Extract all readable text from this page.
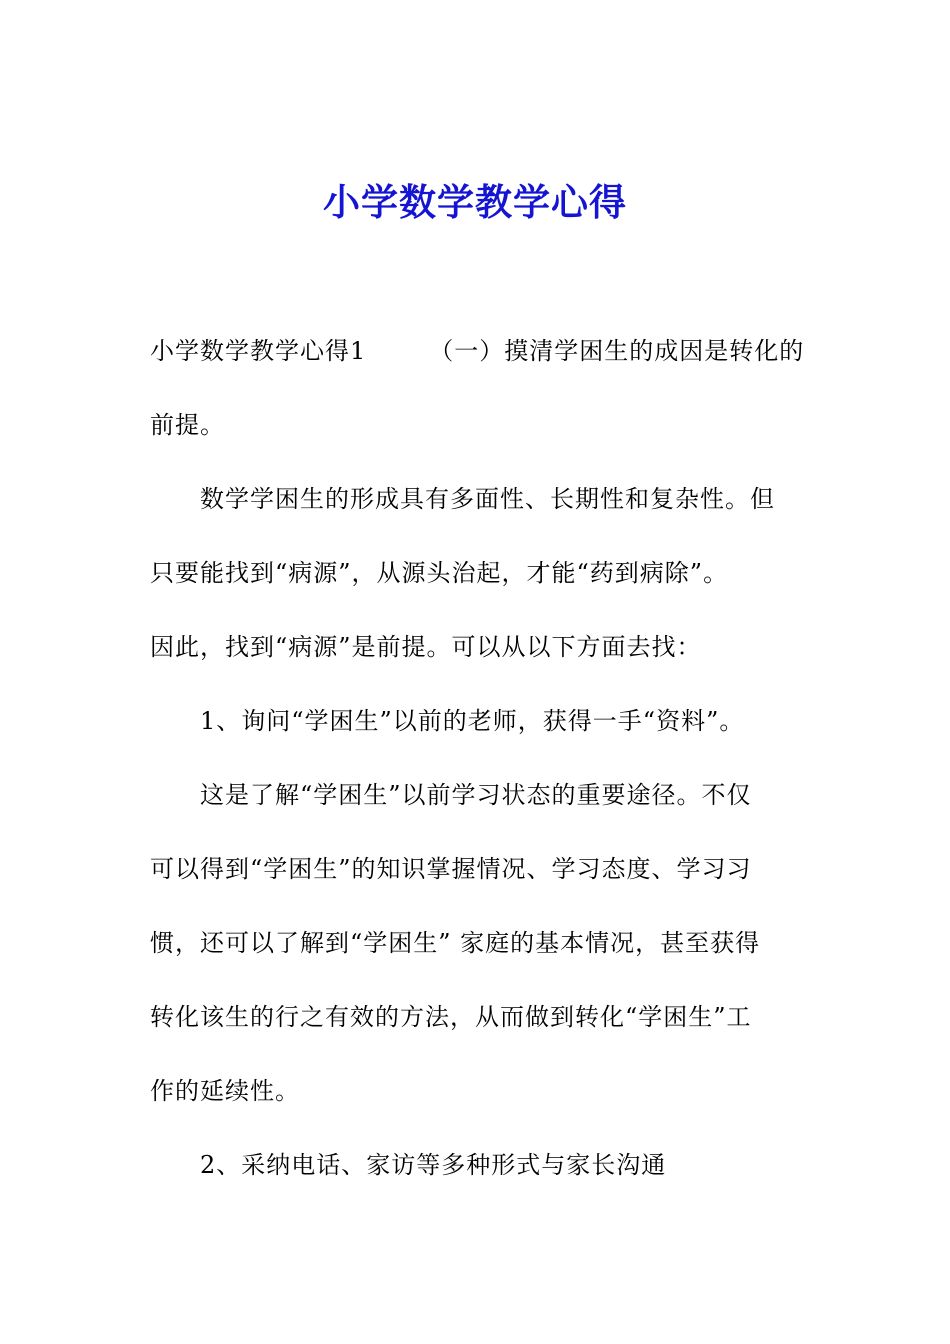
小学数学教学心得
小学数学教学心得1　　　（一）摸清学困生的成因是转化的
前提。
　　数学学困生的形成具有多面性、长期性和复杂性。但
只要能找到“病源”，从源头治起，才能“药到病除”。
因此，找到“病源”是前提。可以从以下方面去找：
　　1、询问“学困生”以前的老师，获得一手“资料”。
　　这是了解“学困生”以前学习状态的重要途径。不仅
可以得到“学困生”的知识掌握情况、学习态度、学习习
惯，还可以了解到“学困生” 家庭的基本情况，甚至获得
转化该生的行之有效的方法，从而做到转化“学困生”工
作的延续性。
　　2、采纳电话、家访等多种形式与家长沟通
